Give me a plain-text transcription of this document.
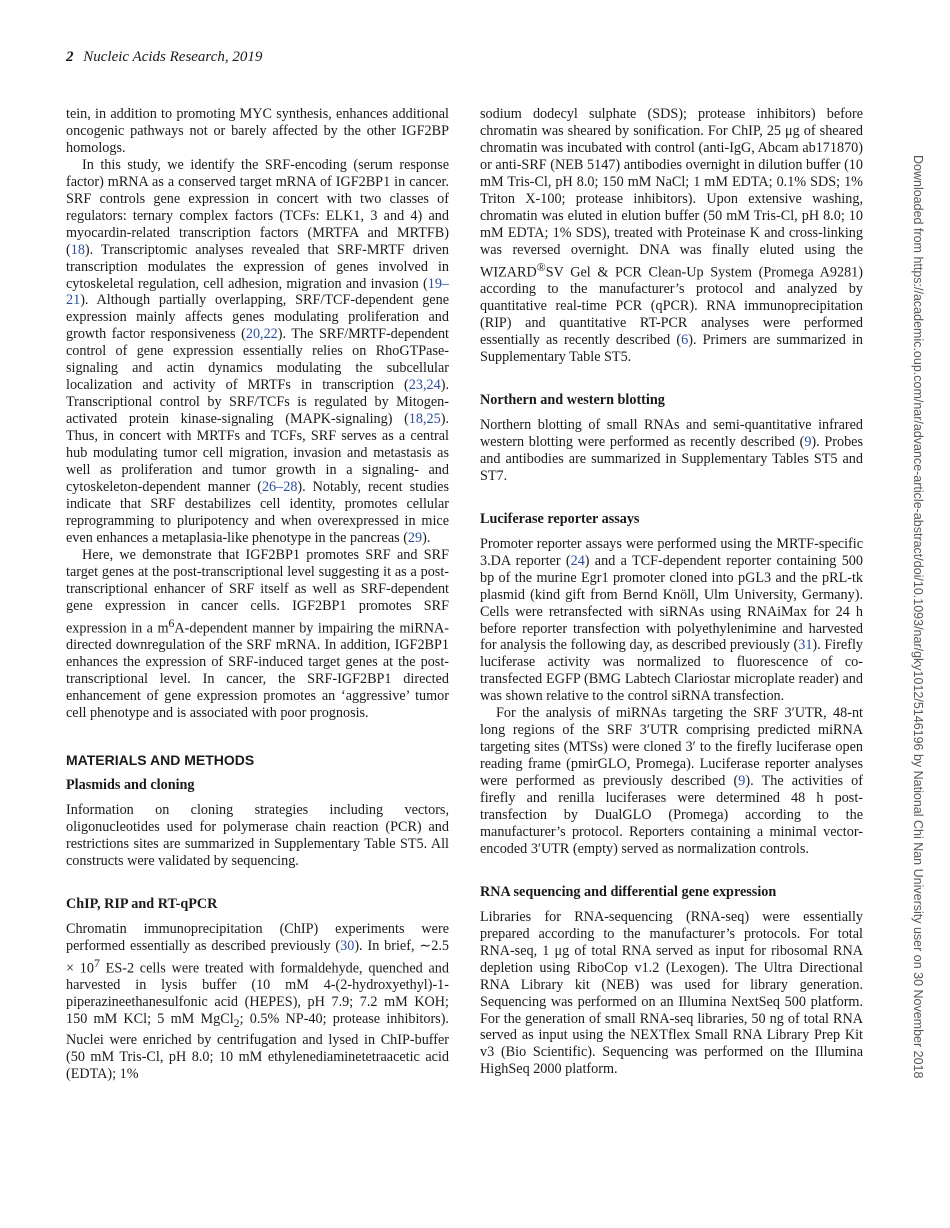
2 Nucleic Acids Research, 2019

tein, in addition to promoting MYC synthesis, enhances additional oncogenic pathways not or barely affected by the other IGF2BP homologs.

In this study, we identify the SRF-encoding (serum response factor) mRNA as a conserved target mRNA of IGF2BP1 in cancer. SRF controls gene expression in concert with two classes of regulators: ternary complex factors (TCFs: ELK1, 3 and 4) and myocardin-related transcription factors (MRTFA and MRTFB) (18). Transcriptomic analyses revealed that SRF-MRTF driven transcription modulates the expression of genes involved in cytoskeletal regulation, cell adhesion, migration and invasion (19–21). Although partially overlapping, SRF/TCF-dependent gene expression mainly affects genes modulating proliferation and growth factor responsiveness (20,22). The SRF/MRTF-dependent control of gene expression essentially relies on RhoGTPase-signaling and actin dynamics modulating the subcellular localization and activity of MRTFs in transcription (23,24). Transcriptional control by SRF/TCFs is regulated by Mitogen-activated protein kinase-signaling (MAPK-signaling) (18,25). Thus, in concert with MRTFs and TCFs, SRF serves as a central hub modulating tumor cell migration, invasion and metastasis as well as proliferation and tumor growth in a signaling- and cytoskeleton-dependent manner (26–28). Notably, recent studies indicate that SRF destabilizes cell identity, promotes cellular reprogramming to pluripotency and when overexpressed in mice even enhances a metaplasia-like phenotype in the pancreas (29).

Here, we demonstrate that IGF2BP1 promotes SRF and SRF target genes at the post-transcriptional level suggesting it as a post-transcriptional enhancer of SRF itself as well as SRF-dependent gene expression in cancer cells. IGF2BP1 promotes SRF expression in a $m^6A$-dependent manner by impairing the miRNA-directed downregulation of the SRF mRNA. In addition, IGF2BP1 enhances the expression of SRF-induced target genes at the post-transcriptional level. In cancer, the SRF-IGF2BP1 directed enhancement of gene expression promotes an ‘aggressive’ tumor cell phenotype and is associated with poor prognosis.

MATERIALS AND METHODS
Plasmids and cloning

Information on cloning strategies including vectors, oligonucleotides used for polymerase chain reaction (PCR) and restrictions sites are summarized in Supplementary Table ST5. All constructs were validated by sequencing.

ChIP, RIP and RT-qPCR

Chromatin immunoprecipitation (ChIP) experiments were performed essentially as described previously (30). In brief, ∼2.5 × $10^7$ ES-2 cells were treated with formaldehyde, quenched and harvested in lysis buffer (10 mM 4-(2-hydroxyethyl)-1-piperazineethanesulfonic acid (HEPES), pH 7.9; 7.2 mM KOH; 150 mM KCl; 5 mM MgCl$_2$; 0.5% NP-40; protease inhibitors). Nuclei were enriched by centrifugation and lysed in ChIP-buffer (50 mM Tris-Cl, pH 8.0; 10 mM ethylenediaminetetraacetic acid (EDTA); 1%

sodium dodecyl sulphate (SDS); protease inhibitors) before chromatin was sheared by sonification. For ChIP, 25 μg of sheared chromatin was incubated with control (anti-IgG, Abcam ab171870) or anti-SRF (NEB 5147) antibodies overnight in dilution buffer (10 mM Tris-Cl, pH 8.0; 150 mM NaCl; 1 mM EDTA; 0.1% SDS; 1% Triton X-100; protease inhibitors). Upon extensive washing, chromatin was eluted in elution buffer (50 mM Tris-Cl, pH 8.0; 10 mM EDTA; 1% SDS), treated with Proteinase K and cross-linking was reversed overnight. DNA was finally eluted using the WIZARD®SV Gel & PCR Clean-Up System (Promega A9281) according to the manufacturer’s protocol and analyzed by quantitative real-time PCR (qPCR). RNA immunoprecipitation (RIP) and quantitative RT-PCR analyses were performed essentially as recently described (6). Primers are summarized in Supplementary Table ST5.

Northern and western blotting

Northern blotting of small RNAs and semi-quantitative infrared western blotting were performed as recently described (9). Probes and antibodies are summarized in Supplementary Tables ST5 and ST7.

Luciferase reporter assays

Promoter reporter assays were performed using the MRTF-specific 3.DA reporter (24) and a TCF-dependent reporter containing 500 bp of the murine Egr1 promoter cloned into pGL3 and the pRL-tk plasmid (kind gift from Bernd Knöll, Ulm University, Germany). Cells were retransfected with siRNAs using RNAiMax for 24 h before reporter transfection with polyethylenimine and harvested for analysis the following day, as described previously (31). Firefly luciferase activity was normalized to fluorescence of co-transfected EGFP (BMG Labtech Clariostar microplate reader) and was shown relative to the control siRNA transfection.

For the analysis of miRNAs targeting the SRF 3′UTR, 48-nt long regions of the SRF 3′UTR comprising predicted miRNA targeting sites (MTSs) were cloned 3′ to the firefly luciferase open reading frame (pmirGLO, Promega). Luciferase reporter analyses were performed as previously described (9). The activities of firefly and renilla luciferases were determined 48 h post-transfection by DualGLO (Promega) according to the manufacturer’s protocol. Reporters containing a minimal vector-encoded 3′UTR (empty) served as normalization controls.

RNA sequencing and differential gene expression

Libraries for RNA-sequencing (RNA-seq) were essentially prepared according to the manufacturer’s protocols. For total RNA-seq, 1 μg of total RNA served as input for ribosomal RNA depletion using RiboCop v1.2 (Lexogen). The Ultra Directional RNA Library kit (NEB) was used for library generation. Sequencing was performed on an Illumina NextSeq 500 platform. For the generation of small RNA-seq libraries, 50 ng of total RNA served as input using the NEXTflex Small RNA Library Prep Kit v3 (Bio Scientific). Sequencing was performed on the Illumina HighSeq 2000 platform.	Downloaded from https://academic.oup.com/nar/advance-article-abstract/doi/10.1093/nar/gky1012/5146196 by National Chi Nan University user on 30 November 2018
